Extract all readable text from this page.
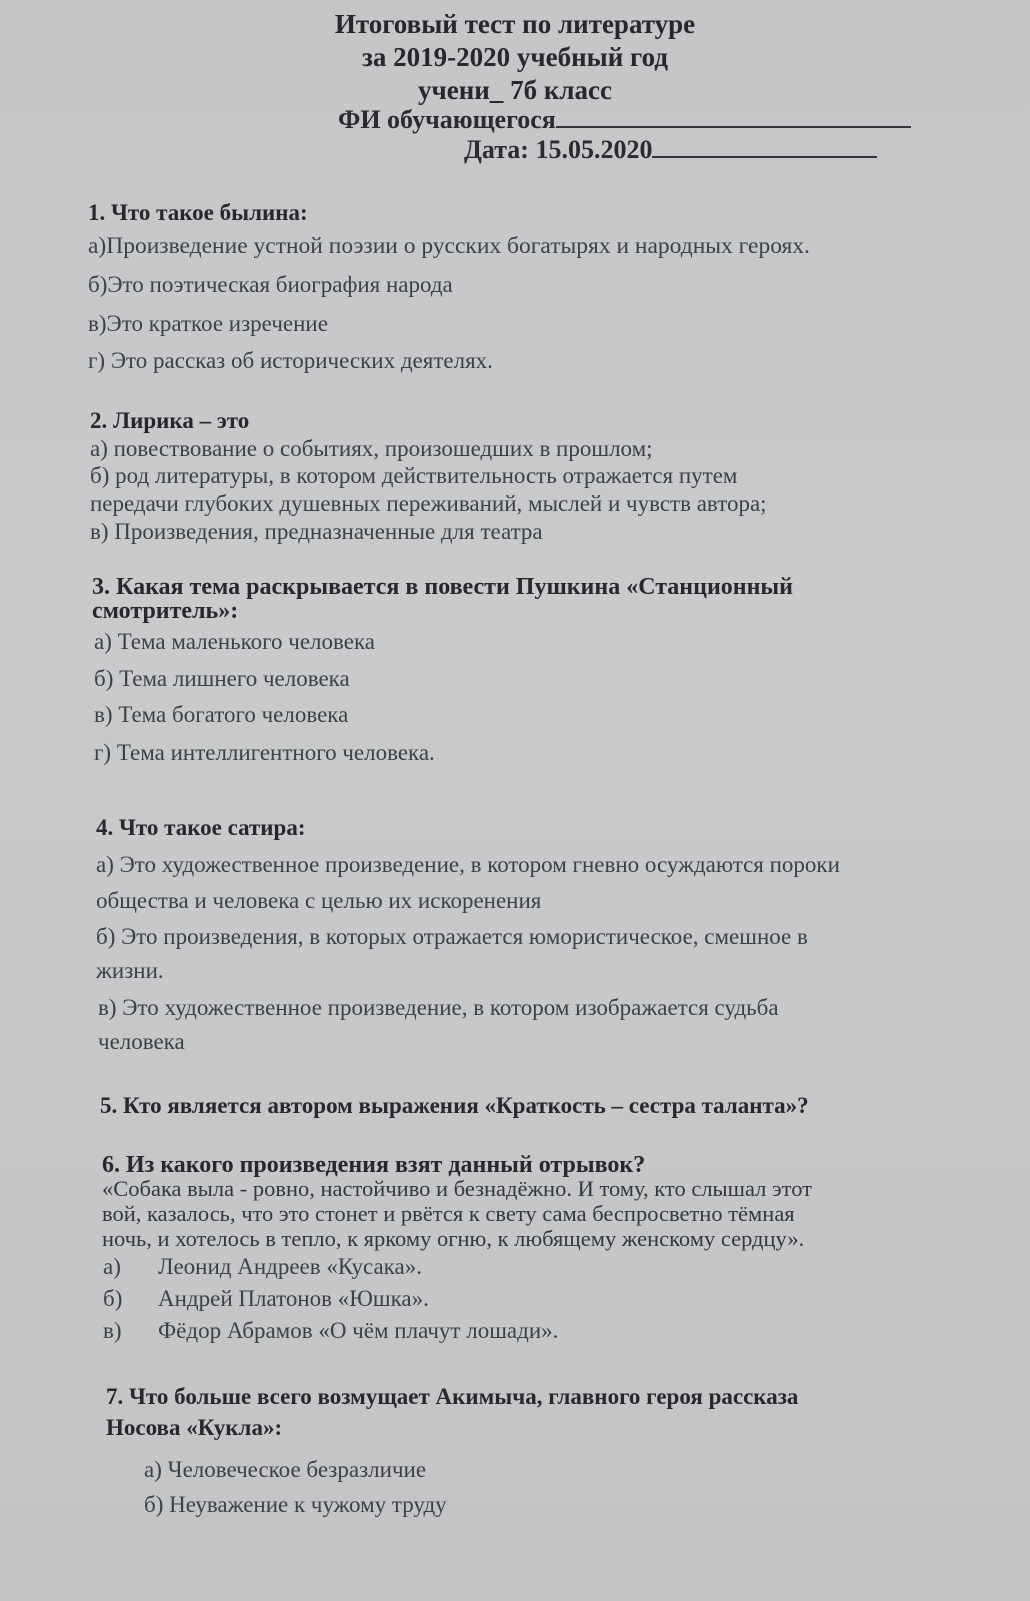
Итоговый тест по литературе
за 2019-2020 учебный год
учени_ 7б класс
ФИ обучающегося
Дата: 15.05.2020
1. Что такое былина:
а)Произведение устной поэзии о русских богатырях и народных героях.
б)Это поэтическая биография народа
в)Это краткое изречение
г) Это рассказ об исторических деятелях.
2. Лирика – это
а) повествование о событиях, произошедших в прошлом;
б) род литературы, в котором действительность отражается путем
передачи глубоких душевных переживаний, мыслей и чувств автора;
в) Произведения, предназначенные для театра
3. Какая тема раскрывается в повести Пушкина «Станционный
смотритель»:
а) Тема маленького человека
б) Тема лишнего человека
в) Тема богатого человека
г) Тема интеллигентного человека.
4. Что такое сатира:
а) Это художественное произведение, в котором гневно осуждаются пороки
общества и человека с целью их искоренения
б) Это произведения, в которых отражается юмористическое, смешное в
жизни.
в) Это художественное произведение, в котором изображается судьба
человека
5. Кто является автором выражения «Краткость – сестра таланта»?
6. Из какого произведения взят данный отрывок?
«Собака выла - ровно, настойчиво и безнадёжно. И тому, кто слышал этот
вой, казалось, что это стонет и рвётся к свету сама беспросветно тёмная
ночь, и хотелось в тепло, к яркому огню, к любящему женскому сердцу».
а) Леонид Андреев «Кусака».
б) Андрей Платонов «Юшка».
в) Фёдор Абрамов «О чём плачут лошади».
7. Что больше всего возмущает Акимыча, главного героя рассказа
Носова «Кукла»:
а) Человеческое безразличие
б) Неуважение к чужому труду
